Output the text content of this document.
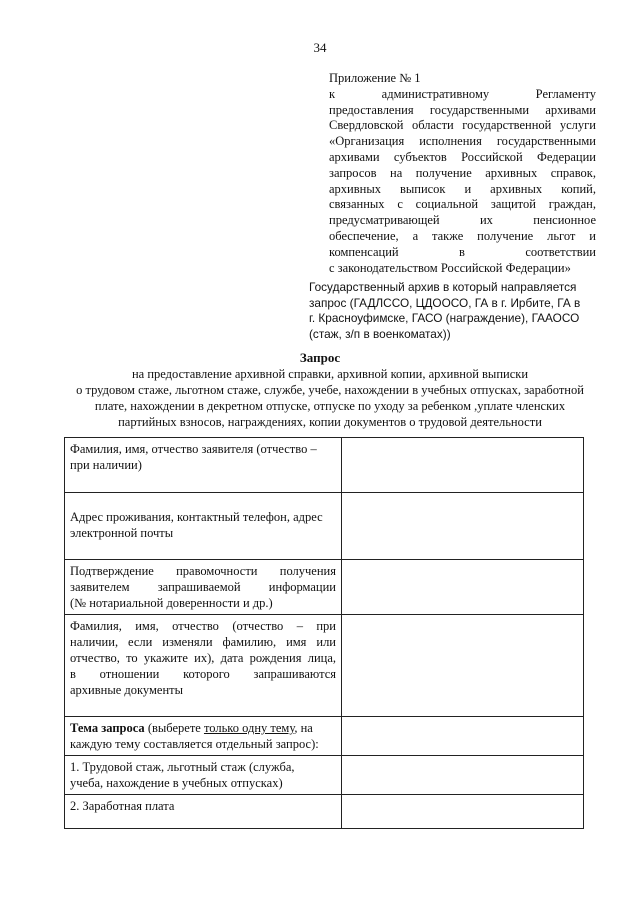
34
Приложение № 1
к административному Регламенту
предоставления государственными архивами
Свердловской области государственной услуги
«Организация исполнения государственными
архивами субъектов Российской Федерации
запросов на получение архивных справок,
архивных выписок и архивных копий,
связанных с социальной защитой граждан,
предусматривающей их пенсионное
обеспечение, а также получение льгот и
компенсаций в соответствии
с законодательством Российской Федерации»
Государственный архив в который направляется
запрос (ГАДЛССО, ЦДООСО, ГА в г. Ирбите, ГА в
г. Красноуфимске, ГАСО (награждение), ГААОСО
(стаж, з/п в военкоматах))
Запрос
на предоставление архивной справки, архивной копии, архивной выписки
о трудовом стаже, льготном стаже, службе, учебе, нахождении в учебных отпусках, заработной
плате, нахождении в декретном отпуске, отпуске по уходу за ребенком ,уплате членских
партийных взносов, награждениях, копии документов о трудовой деятельности
Фамилия, имя, отчество заявителя (отчество –
при наличии)	

Адрес проживания, контактный телефон, адрес
электронной почты	

Подтверждение правомочности получения
заявителем запрашиваемой информации
(№ нотариальной доверенности и др.)	

Фамилия, имя, отчество (отчество – при
наличии, если изменяли фамилию, имя или
отчество, то укажите их), дата рождения лица,
в отношении которого запрашиваются
архивные документы	

Тема запроса (выберете только одну тему, на
каждую тему составляется отдельный запрос):	

1. Трудовой стаж, льготный стаж (служба,
учеба, нахождение в учебных отпусках)	

2. Заработная плата	
